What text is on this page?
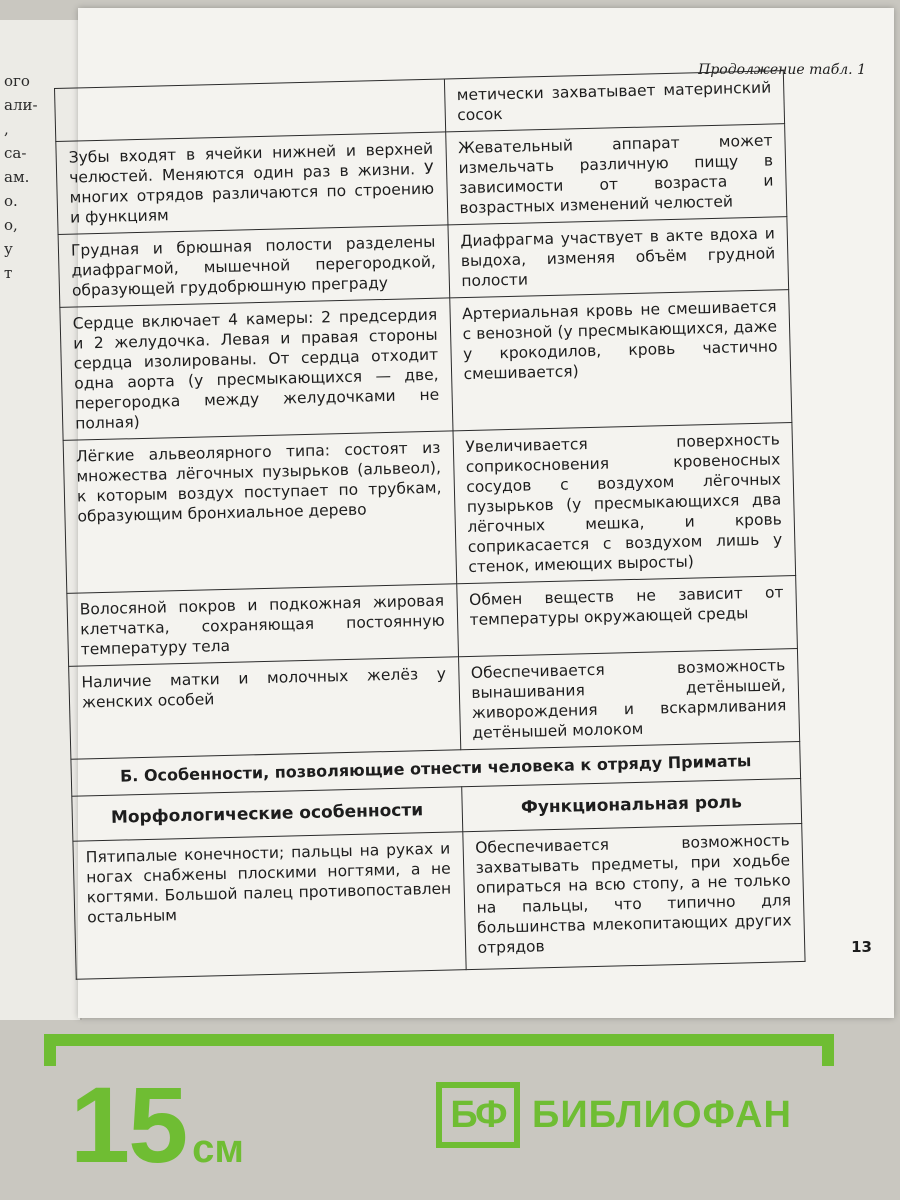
ого
али-
,
са-
ам.
о.
о,
у
т
Продолжение табл. 1
	метически захватывает материнский сосок
Зубы входят в ячейки нижней и верхней челюстей. Меняются один раз в жизни. У многих отрядов различаются по строению и функциям	Жевательный аппарат может измельчать различную пищу в зависимости от возраста и возрастных изменений челюстей
Грудная и брюшная полости разделены диафрагмой, мышечной перегородкой, образующей грудобрюшную преграду	Диафрагма участвует в акте вдоха и выдоха, изменяя объём грудной полости
Сердце включает 4 камеры: 2 предсердия и 2 желудочка. Левая и правая стороны сердца изолированы. От сердца отходит одна аорта (у пресмыкающихся — две, перегородка между желудочками не полная)	Артериальная кровь не смешивается с венозной (у пресмыкающихся, даже у крокодилов, кровь частично смешивается)
Лёгкие альвеолярного типа: состоят из множества лёгочных пузырьков (альвеол), к которым воздух поступает по трубкам, образующим бронхиальное дерево	Увеличивается поверхность соприкосновения кровеносных сосудов с воздухом лёгочных пузырьков (у пресмыкающихся два лёгочных мешка, и кровь соприкасается с воздухом лишь у стенок, имеющих выросты)
Волосяной покров и подкожная жировая клетчатка, сохраняющая постоянную температуру тела	Обмен веществ не зависит от температуры окружающей среды
Наличие матки и молочных желёз у женских особей	Обеспечивается возможность вынашивания детёнышей, живорождения и вскармливания детёнышей молоком
Б. Особенности, позволяющие отнести человека к отряду Приматы	
Морфологические особенности	Функциональная роль
Пятипалые конечности; пальцы на руках и ногах снабжены плоскими ногтями, а не когтями. Большой палец противопоставлен остальным	Обеспечивается возможность захватывать предметы, при ходьбе опираться на всю стопу, а не только на пальцы, что типично для большинства млекопитающих других отрядов	13
15 см
БФ БИБЛИОФАН
